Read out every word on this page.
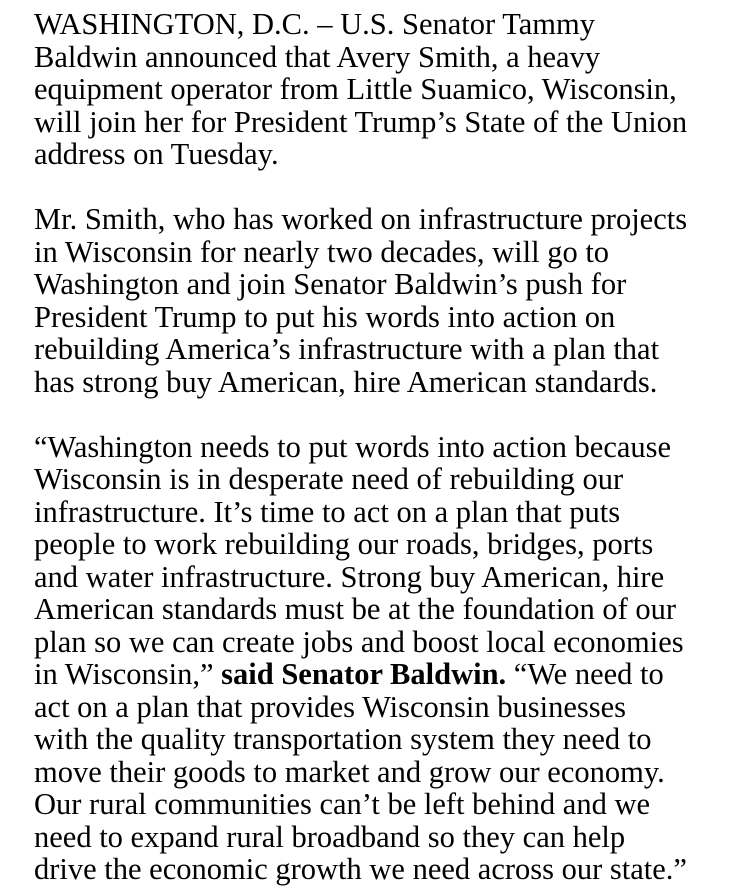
WASHINGTON, D.C. – U.S. Senator Tammy
Baldwin announced that Avery Smith, a heavy
equipment operator from Little Suamico, Wisconsin,
will join her for President Trump’s State of the Union
address on Tuesday.

Mr. Smith, who has worked on infrastructure projects
in Wisconsin for nearly two decades, will go to
Washington and join Senator Baldwin’s push for
President Trump to put his words into action on
rebuilding America’s infrastructure with a plan that
has strong buy American, hire American standards.

“Washington needs to put words into action because
Wisconsin is in desperate need of rebuilding our
infrastructure. It’s time to act on a plan that puts
people to work rebuilding our roads, bridges, ports
and water infrastructure. Strong buy American, hire
American standards must be at the foundation of our
plan so we can create jobs and boost local economies
in Wisconsin,” said Senator Baldwin. “We need to
act on a plan that provides Wisconsin businesses
with the quality transportation system they need to
move their goods to market and grow our economy.
Our rural communities can’t be left behind and we
need to expand rural broadband so they can help
drive the economic growth we need across our state.”
